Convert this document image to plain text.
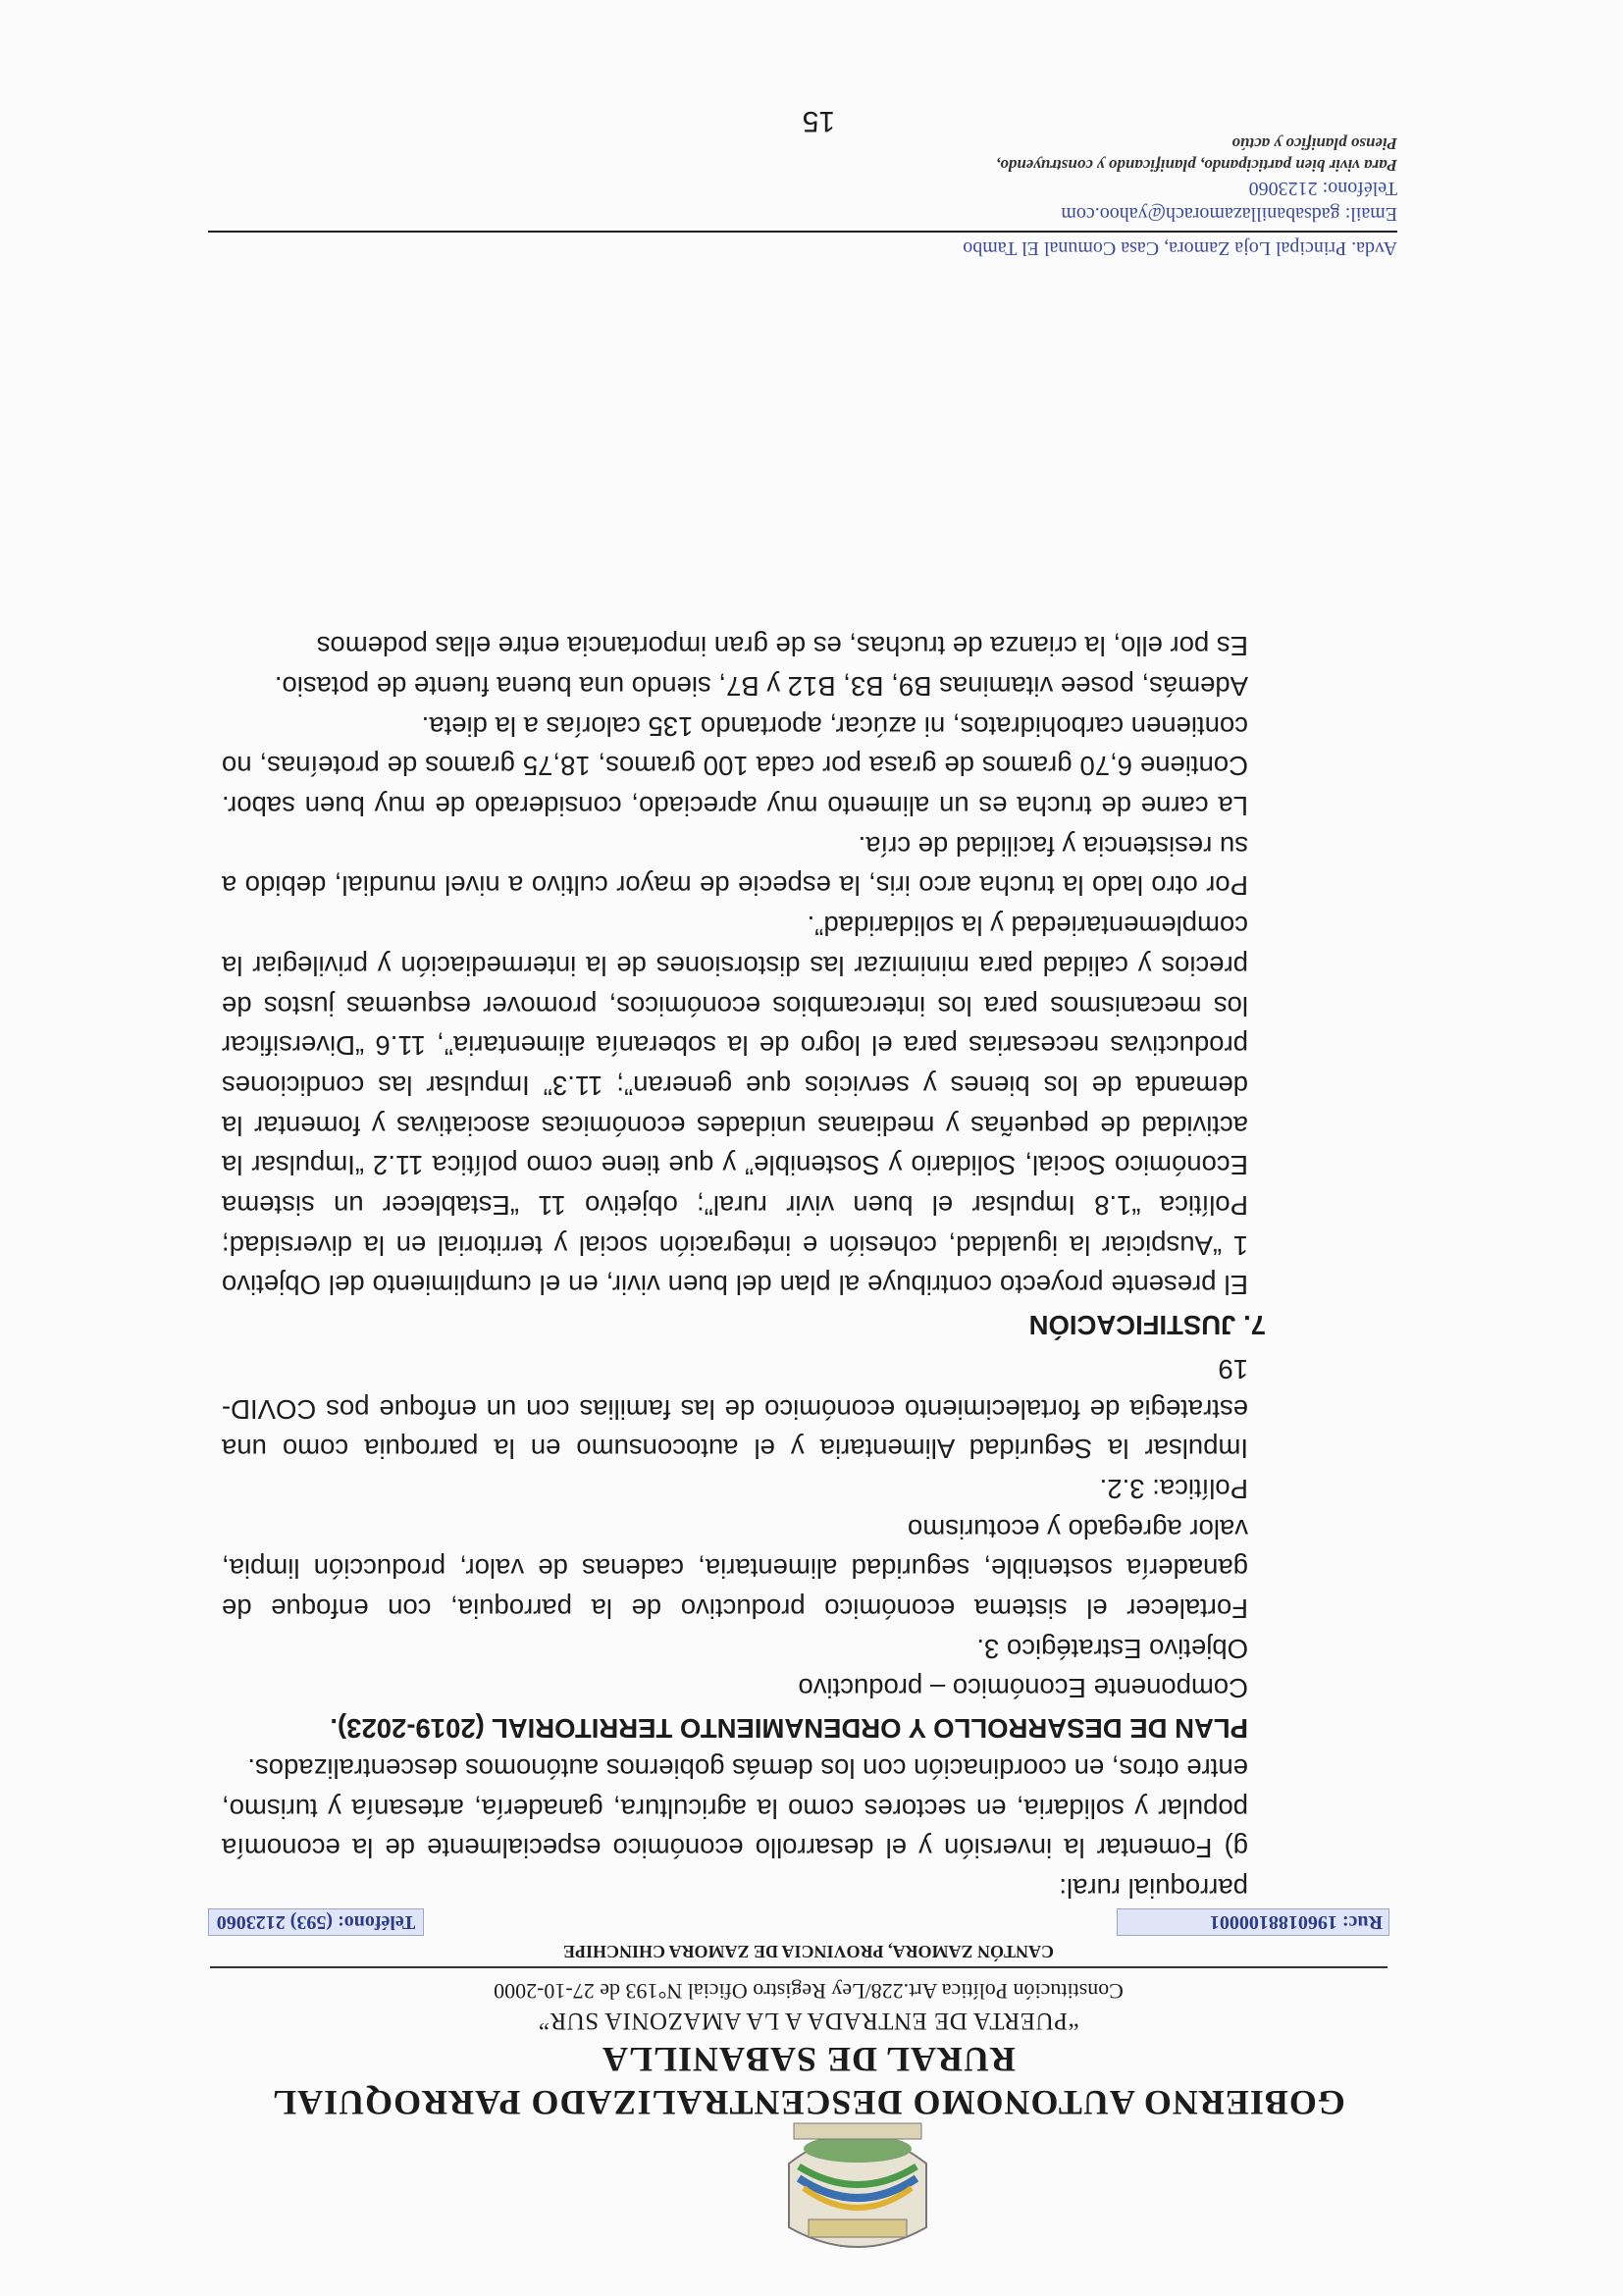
GOBIERNO AUTONOMO DESCENTRALIZADO PARROQUIAL
RURAL DE SABANILLA
“PUERTA DE ENTRADA A LA AMAZONIA SUR”
Constitución Política Art.228/Ley Registro Oficial N°193 de 27-10-2000
CANTÓN ZAMORA, PROVINCIA DE ZAMORA CHINCHIPE
Ruc: 1960188100001
Teléfono: (593) 2123060

parroquial rural:

g) Fomentar la inversión y el desarrollo económico especialmente de la economía popular y solidaria, en sectores como la agricultura, ganadería, artesanía y turismo, entre otros, en coordinación con los demás gobiernos autónomos descentralizados.

PLAN DE DESARROLLO Y ORDENAMIENTO TERRITORIAL (2019-2023).

Componente Económico – productivo

Objetivo Estratégico 3.

Fortalecer el sistema económico productivo de la parroquia, con enfoque de ganadería sostenible, seguridad alimentaria, cadenas de valor, producción limpia, valor agregado y ecoturismo

Política: 3.2.

Impulsar la Seguridad Alimentaria y el autoconsumo en la parroquia como una estrategia de fortalecimiento económico de las familias con un enfoque pos COVID-19

7. JUSTIFICACIÓN

El presente proyecto contribuye al plan del buen vivir, en el cumplimiento del Objetivo 1 “Auspiciar la igualdad, cohesión e integración social y territorial en la diversidad; Política “1.8 Impulsar el buen vivir rural”; objetivo 11 “Establecer un sistema Económico Social, Solidario y Sostenible” y que tiene como política 11.2 “Impulsar la actividad de pequeñas y medianas unidades económicas asociativas y fomentar la demanda de los bienes y servicios que generan”; 11.3” Impulsar las condiciones productivas necesarias para el logro de la soberanía alimentaria”, 11.6 “Diversificar los mecanismos para los intercambios económicos, promover esquemas justos de precios y calidad para minimizar las distorsiones de la intermediación y privilegiar la complementariedad y la solidaridad”.

Por otro lado la trucha arco iris, la especie de mayor cultivo a nivel mundial, debido a su resistencia y facilidad de cría.

La carne de trucha es un alimento muy apreciado, considerado de muy buen sabor. Contiene 6,70 gramos de grasa por cada 100 gramos, 18,75 gramos de proteínas, no contienen carbohidratos, ni azúcar, aportando 135 calorías a la dieta.

Además, posee vitaminas B9, B3, B12 y B7, siendo una buena fuente de potasio.

Es por ello, la crianza de truchas, es de gran importancia entre ellas podemos

Avda. Principal Loja Zamora, Casa Comunal El Tambo
Email: gadsabanillazamorach@yahoo.com
Teléfono: 2123060
Para vivir bien participando, planificando y construyendo,
Pienso planifico y actúo
15
